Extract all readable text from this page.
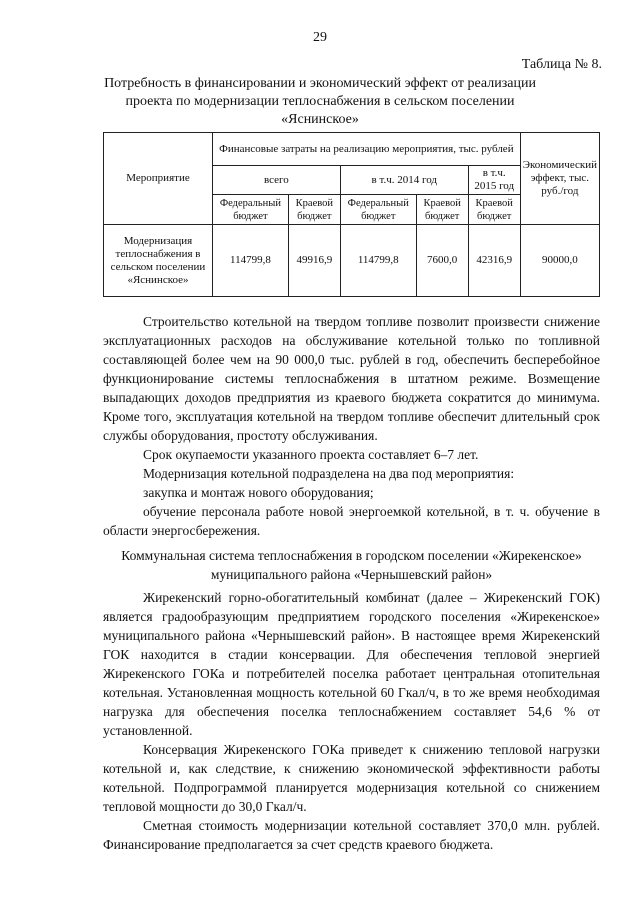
29
Таблица № 8.
Потребность в финансировании и экономический эффект от реализации проекта по модернизации теплоснабжения в сельском поселении «Яснинское»
Мероприятие	Финансовые затраты на реализацию мероприятия, тыс. рублей					Экономический эффект, тыс. руб./год
	всего		в т.ч. 2014 год		в т.ч. 2015 год	
	Федеральный бюджет	Краевой бюджет	Федеральный бюджет	Краевой бюджет	Краевой бюджет	
Модернизация теплоснабжения в сельском поселении «Яснинское»	114799,8	49916,9	114799,8	7600,0	42316,9	90000,0

Строительство котельной на твердом топливе позволит произвести снижение эксплуатационных расходов на обслуживание котельной только по топливной составляющей более чем на 90 000,0 тыс. рублей в год, обеспечить бесперебойное функционирование системы теплоснабжения в штатном режиме. Возмещение выпадающих доходов предприятия из краевого бюджета сократится до минимума. Кроме того, эксплуатация котельной на твердом топливе обеспечит длительный срок службы оборудования, простоту обслуживания.

Срок окупаемости указанного проекта составляет 6–7 лет.

Модернизация котельной подразделена на два под мероприятия:

закупка и монтаж нового оборудования;

обучение персонала работе новой энергоемкой котельной, в т. ч. обучение в области энергосбережения.

Коммунальная система теплоснабжения в городском поселении «Жирекенское» муниципального района «Чернышевский район»

Жирекенский горно-обогатительный комбинат (далее – Жирекенский ГОК) является градообразующим предприятием городского поселения «Жирекенское» муниципального района «Чернышевский район». В настоящее время Жирекенский ГОК находится в стадии консервации. Для обеспечения тепловой энергией Жирекенского ГОКа и потребителей поселка работает центральная отопительная котельная. Установленная мощность котельной 60 Гкал/ч, в то же время необходимая нагрузка для обеспечения поселка теплоснабжением составляет 54,6 % от установленной.

Консервация Жирекенского ГОКа приведет к снижению тепловой нагрузки котельной и, как следствие, к снижению экономической эффективности работы котельной. Подпрограммой планируется модернизация котельной со снижением тепловой мощности до 30,0 Гкал/ч.

Сметная стоимость модернизации котельной составляет 370,0 млн. рублей. Финансирование предполагается за счет средств краевого бюджета.
